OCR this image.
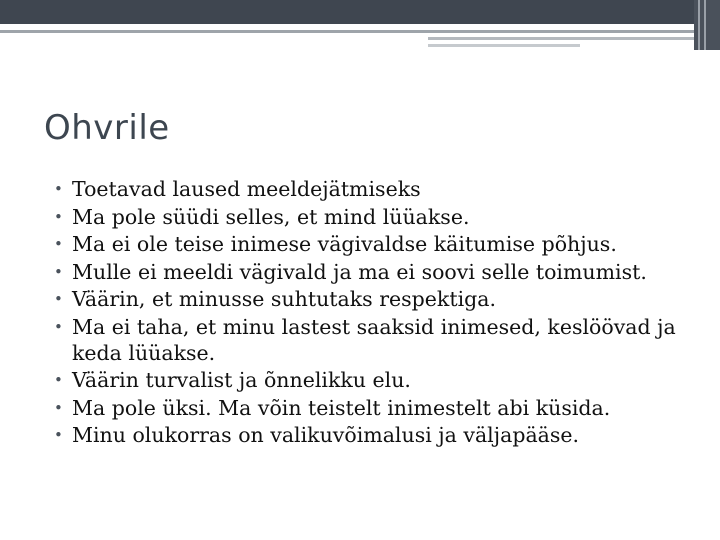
Ohvrile
• Toetavad laused meeldejätmiseks
• Ma pole süüdi selles, et mind lüüakse.
• Ma ei ole teise inimese vägivaldse käitumise põhjus.
• Mulle ei meeldi vägivald ja ma ei soovi selle toimumist.
• Väärin, et minusse suhtutaks respektiga.
• Ma ei taha, et minu lastest saaksid inimesed, keslöövad ja keda lüüakse.
• Väärin turvalist ja õnnelikku elu.
• Ma pole üksi. Ma võin teistelt inimestelt abi küsida.
• Minu olukorras on valikuvõimalusi ja väljapääse.
